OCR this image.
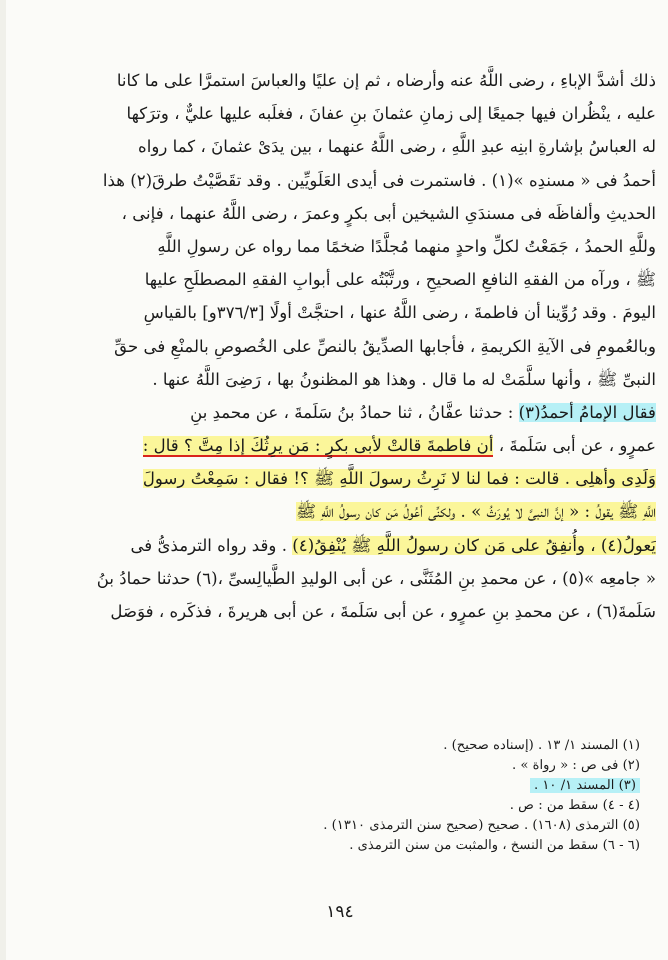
ذلك أشدَّ الإباءِ ، رضى اللَّهُ عنه وأرضاه ، ثم إن عليًا والعباسَ استمرَّا على ما كانا
عليه ، ينْظُران فيها جميعًا إلى زمانِ عثمانَ بنِ عفانَ ، فغلَبه عليها عليٌّ ، وترَكها
له العباسُ بإشارةِ ابنِه عبدِ اللَّهِ ، رضى اللَّهُ عنهما ، بين يدَىْ عثمانَ ، كما رواه
أحمدُ فى « مسندِه »(١) . فاستمرت فى أيدى العَلَويِّين . وقد تقَصَّيْتُ طرقَ(٢) هذا
الحديثِ وألفاظَه فى مسندَىِ الشيخين أبى بكرٍ وعمرَ ، رضى اللَّهُ عنهما ، فإنى ،
وللَّهِ الحمدُ ، جَمَعْتُ لكلِّ واحدٍ منهما مُجلَّدًا ضخمًا مما رواه عن رسولِ اللَّهِ
ﷺ ، ورآه من الفقهِ النافعِ الصحيحِ ، ورتَّبْتُه على أبوابِ الفقهِ المصطلَحِ عليها
اليومَ . وقد رُوِّينا أن فاطمةَ ، رضى اللَّهُ عنها ، احتجَّتْ أولًا [٣٧٦/٣و] بالقياسِ
وبالعُمومِ فى الآيةِ الكريمةِ ، فأجابها الصدِّيقُ بالنصِّ على الخُصوصِ بالمنْعِ فى حقِّ
النبىِّ ﷺ ، وأنها سلَّمَتْ له ما قال . وهذا هو المظنونُ بها ، رَضِىَ اللَّهُ عنها .
فقال الإمامُ أحمدُ(٣) : حدثنا عفَّانُ ، ثنا حمادُ بنُ سَلَمةَ ، عن محمدِ بنِ
عمرٍو ، عن أبى سَلَمةَ ، أن فاطمةَ قالتْ لأبى بكرٍ : مَن يرِثُكَ إذا مِتَّ ؟ قال :
وَلَدِى وأهلِى . قالت : فما لنا لا نَرِثُ رسولَ اللَّهِ ﷺ ؟! فقال : سَمِعْتُ رسولَ
اللَّهِ ﷺ يقولُ : « إنَّ النبىَّ لا يُورَثُ » . ولكنِّى أعُولُ مَن كان رسولُ اللَّهِ ﷺ
يَعولُ(٤) ، وأُنفِقُ على مَن كان رسولُ اللَّهِ ﷺ يُنْفِقُ(٤) . وقد رواه الترمذىُّ فى
« جامعِه »(٥) ، عن محمدِ بنِ المُثَنَّى ، عن أبى الوليدِ الطَّيالِسىِّ ،(٦) حدثنا حمادُ بنُ
سَلَمةَ(٦) ، عن محمدِ بنِ عمرٍو ، عن أبى سَلَمةَ ، عن أبى هريرةَ ، فذكَره ، فوَصَل
(١) المسند ١/ ١٣ . (إسناده صحيح) .
(٢) فى ص : « رواة » .
(٣) المسند ١/ ١٠ .
(٤ - ٤) سقط من : ص .
(٥) الترمذى (١٦٠٨) . صحيح (صحيح سنن الترمذى ١٣١٠) .
(٦ - ٦) سقط من النسخ ، والمثبت من سنن الترمذى .
١٩٤
